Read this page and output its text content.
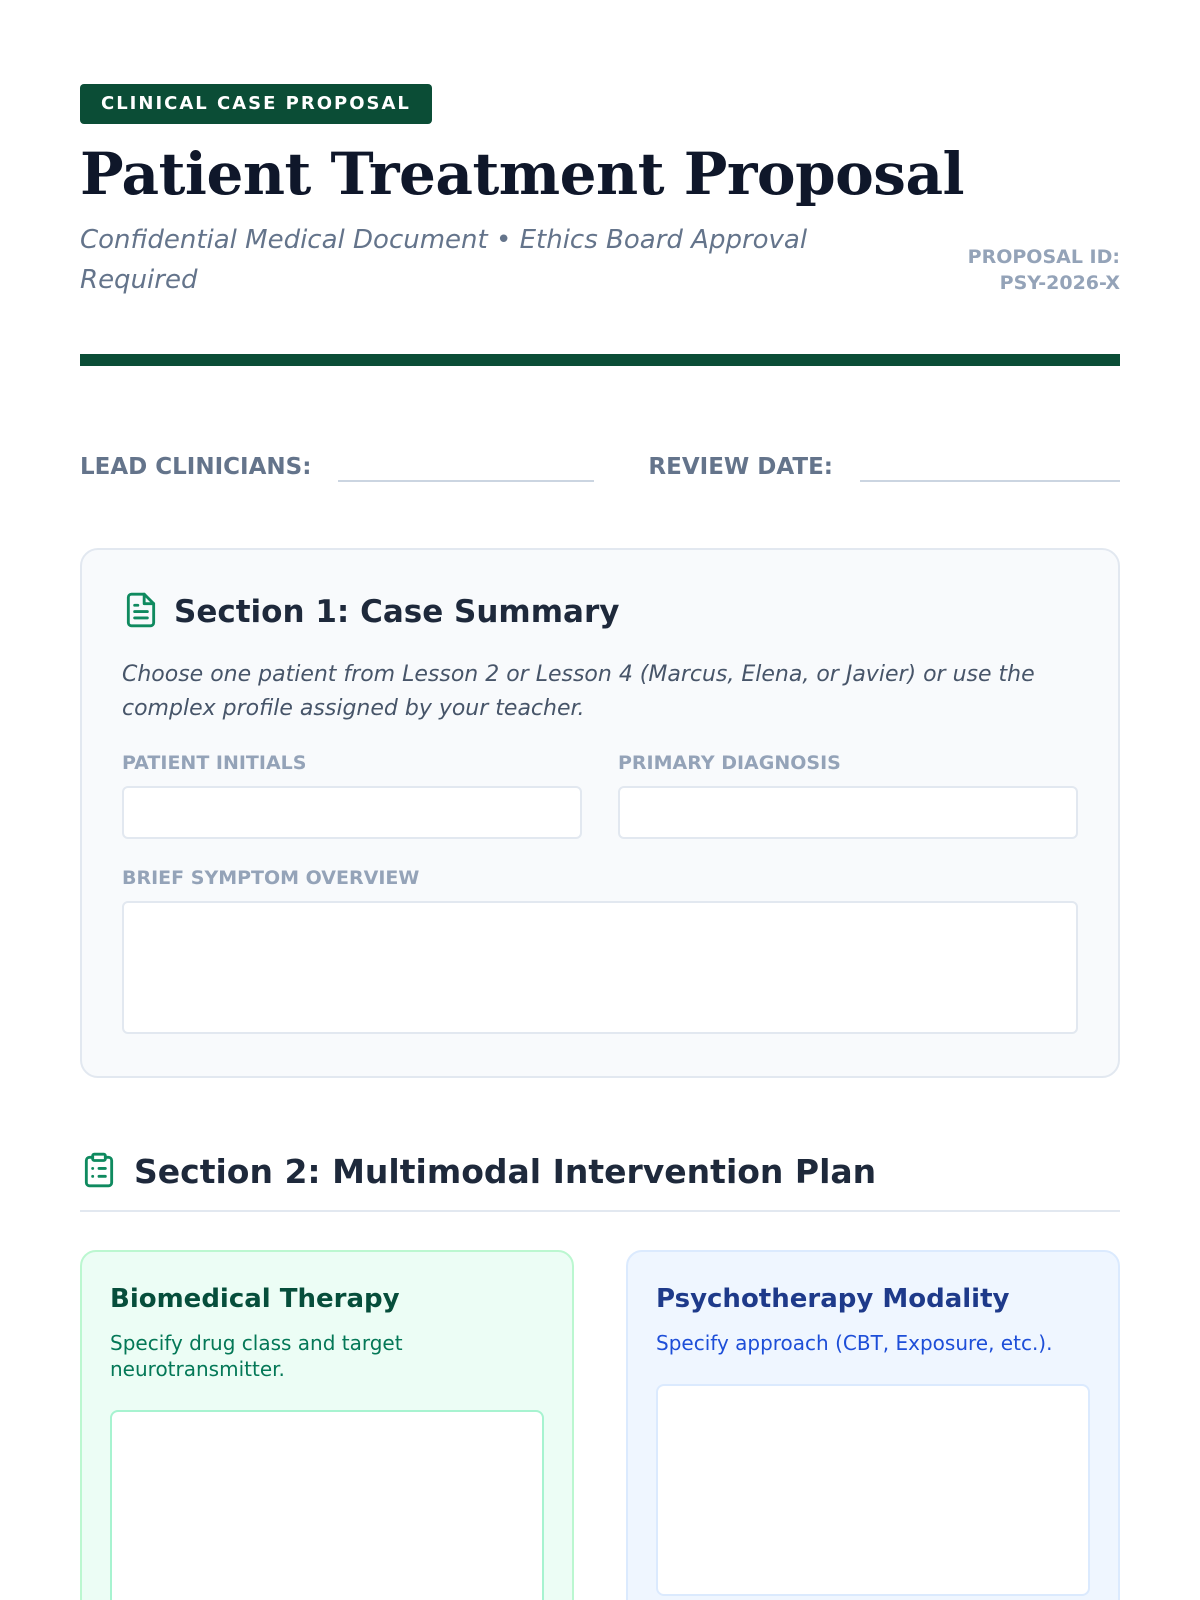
CLINICAL CASE PROPOSAL
Patient Treatment Proposal
Confidential Medical Document • Ethics Board Approval Required
PROPOSAL ID: PSY-2026-X
LEAD CLINICIANS:	REVIEW DATE:
Section 1: Case Summary

Choose one patient from Lesson 2 or Lesson 4 (Marcus, Elena, or Javier) or use the complex profile assigned by your teacher.

PATIENT INITIALS	PRIMARY DIAGNOSIS
BRIEF SYMPTOM OVERVIEW
Section 2: Multimodal Intervention Plan
Biomedical Therapy
Specify drug class and target neurotransmitter.
Psychotherapy Modality
Specify approach (CBT, Exposure, etc.).
